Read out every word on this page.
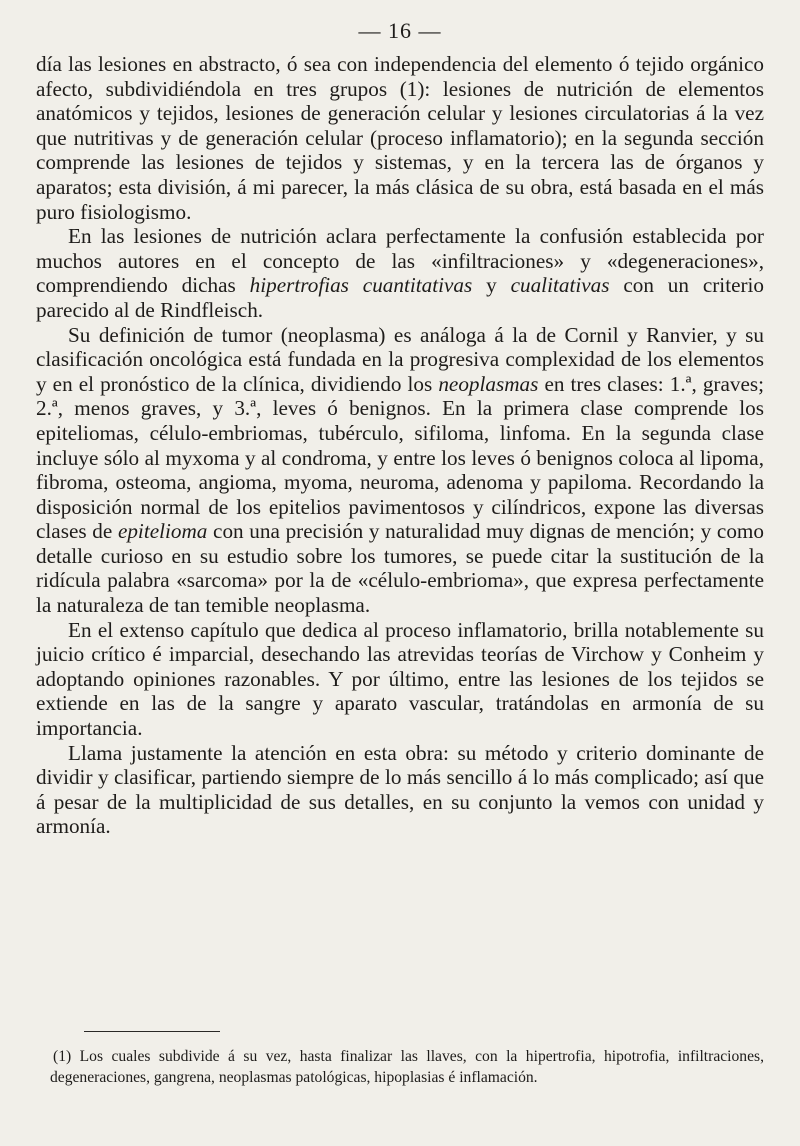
— 16 —

día las lesiones en abstracto, ó sea con independencia del elemento ó tejido orgánico afecto, subdividiéndola en tres grupos (1): lesiones de nutrición de elementos anatómicos y tejidos, lesiones de generación celular y lesiones circulatorias á la vez que nutritivas y de generación celular (proceso inflamatorio); en la segunda sección comprende las lesiones de tejidos y sistemas, y en la tercera las de órganos y aparatos; esta división, á mi parecer, la más clásica de su obra, está basada en el más puro fisiologismo.

En las lesiones de nutrición aclara perfectamente la confusión establecida por muchos autores en el concepto de las «infiltraciones» y «degeneraciones», comprendiendo dichas hipertrofias cuantitativas y cualitativas con un criterio parecido al de Rindfleisch.

Su definición de tumor (neoplasma) es análoga á la de Cornil y Ranvier, y su clasificación oncológica está fundada en la progresiva complexidad de los elementos y en el pronóstico de la clínica, dividiendo los neoplasmas en tres clases: 1.ª, graves; 2.ª, menos graves, y 3.ª, leves ó benignos. En la primera clase comprende los epiteliomas, célulo-embriomas, tubérculo, sifiloma, linfoma. En la segunda clase incluye sólo al myxoma y al condroma, y entre los leves ó benignos coloca al lipoma, fibroma, osteoma, angioma, myoma, neuroma, adenoma y papiloma. Recordando la disposición normal de los epitelios pavimentosos y cilíndricos, expone las diversas clases de epitelioma con una precisión y naturalidad muy dignas de mención; y como detalle curioso en su estudio sobre los tumores, se puede citar la sustitución de la ridícula palabra «sarcoma» por la de «célulo-embrioma», que expresa perfectamente la naturaleza de tan temible neoplasma.

En el extenso capítulo que dedica al proceso inflamatorio, brilla notablemente su juicio crítico é imparcial, desechando las atrevidas teorías de Virchow y Conheim y adoptando opiniones razonables. Y por último, entre las lesiones de los tejidos se extiende en las de la sangre y aparato vascular, tratándolas en armonía de su importancia.

Llama justamente la atención en esta obra: su método y criterio dominante de dividir y clasificar, partiendo siempre de lo más sencillo á lo más complicado; así que á pesar de la multiplicidad de sus detalles, en su conjunto la vemos con unidad y armonía.

(1) Los cuales subdivide á su vez, hasta finalizar las llaves, con la hipertrofia, hipotrofia, infiltraciones, degeneraciones, gangrena, neoplasmas patológicas, hipoplasias é inflamación.
